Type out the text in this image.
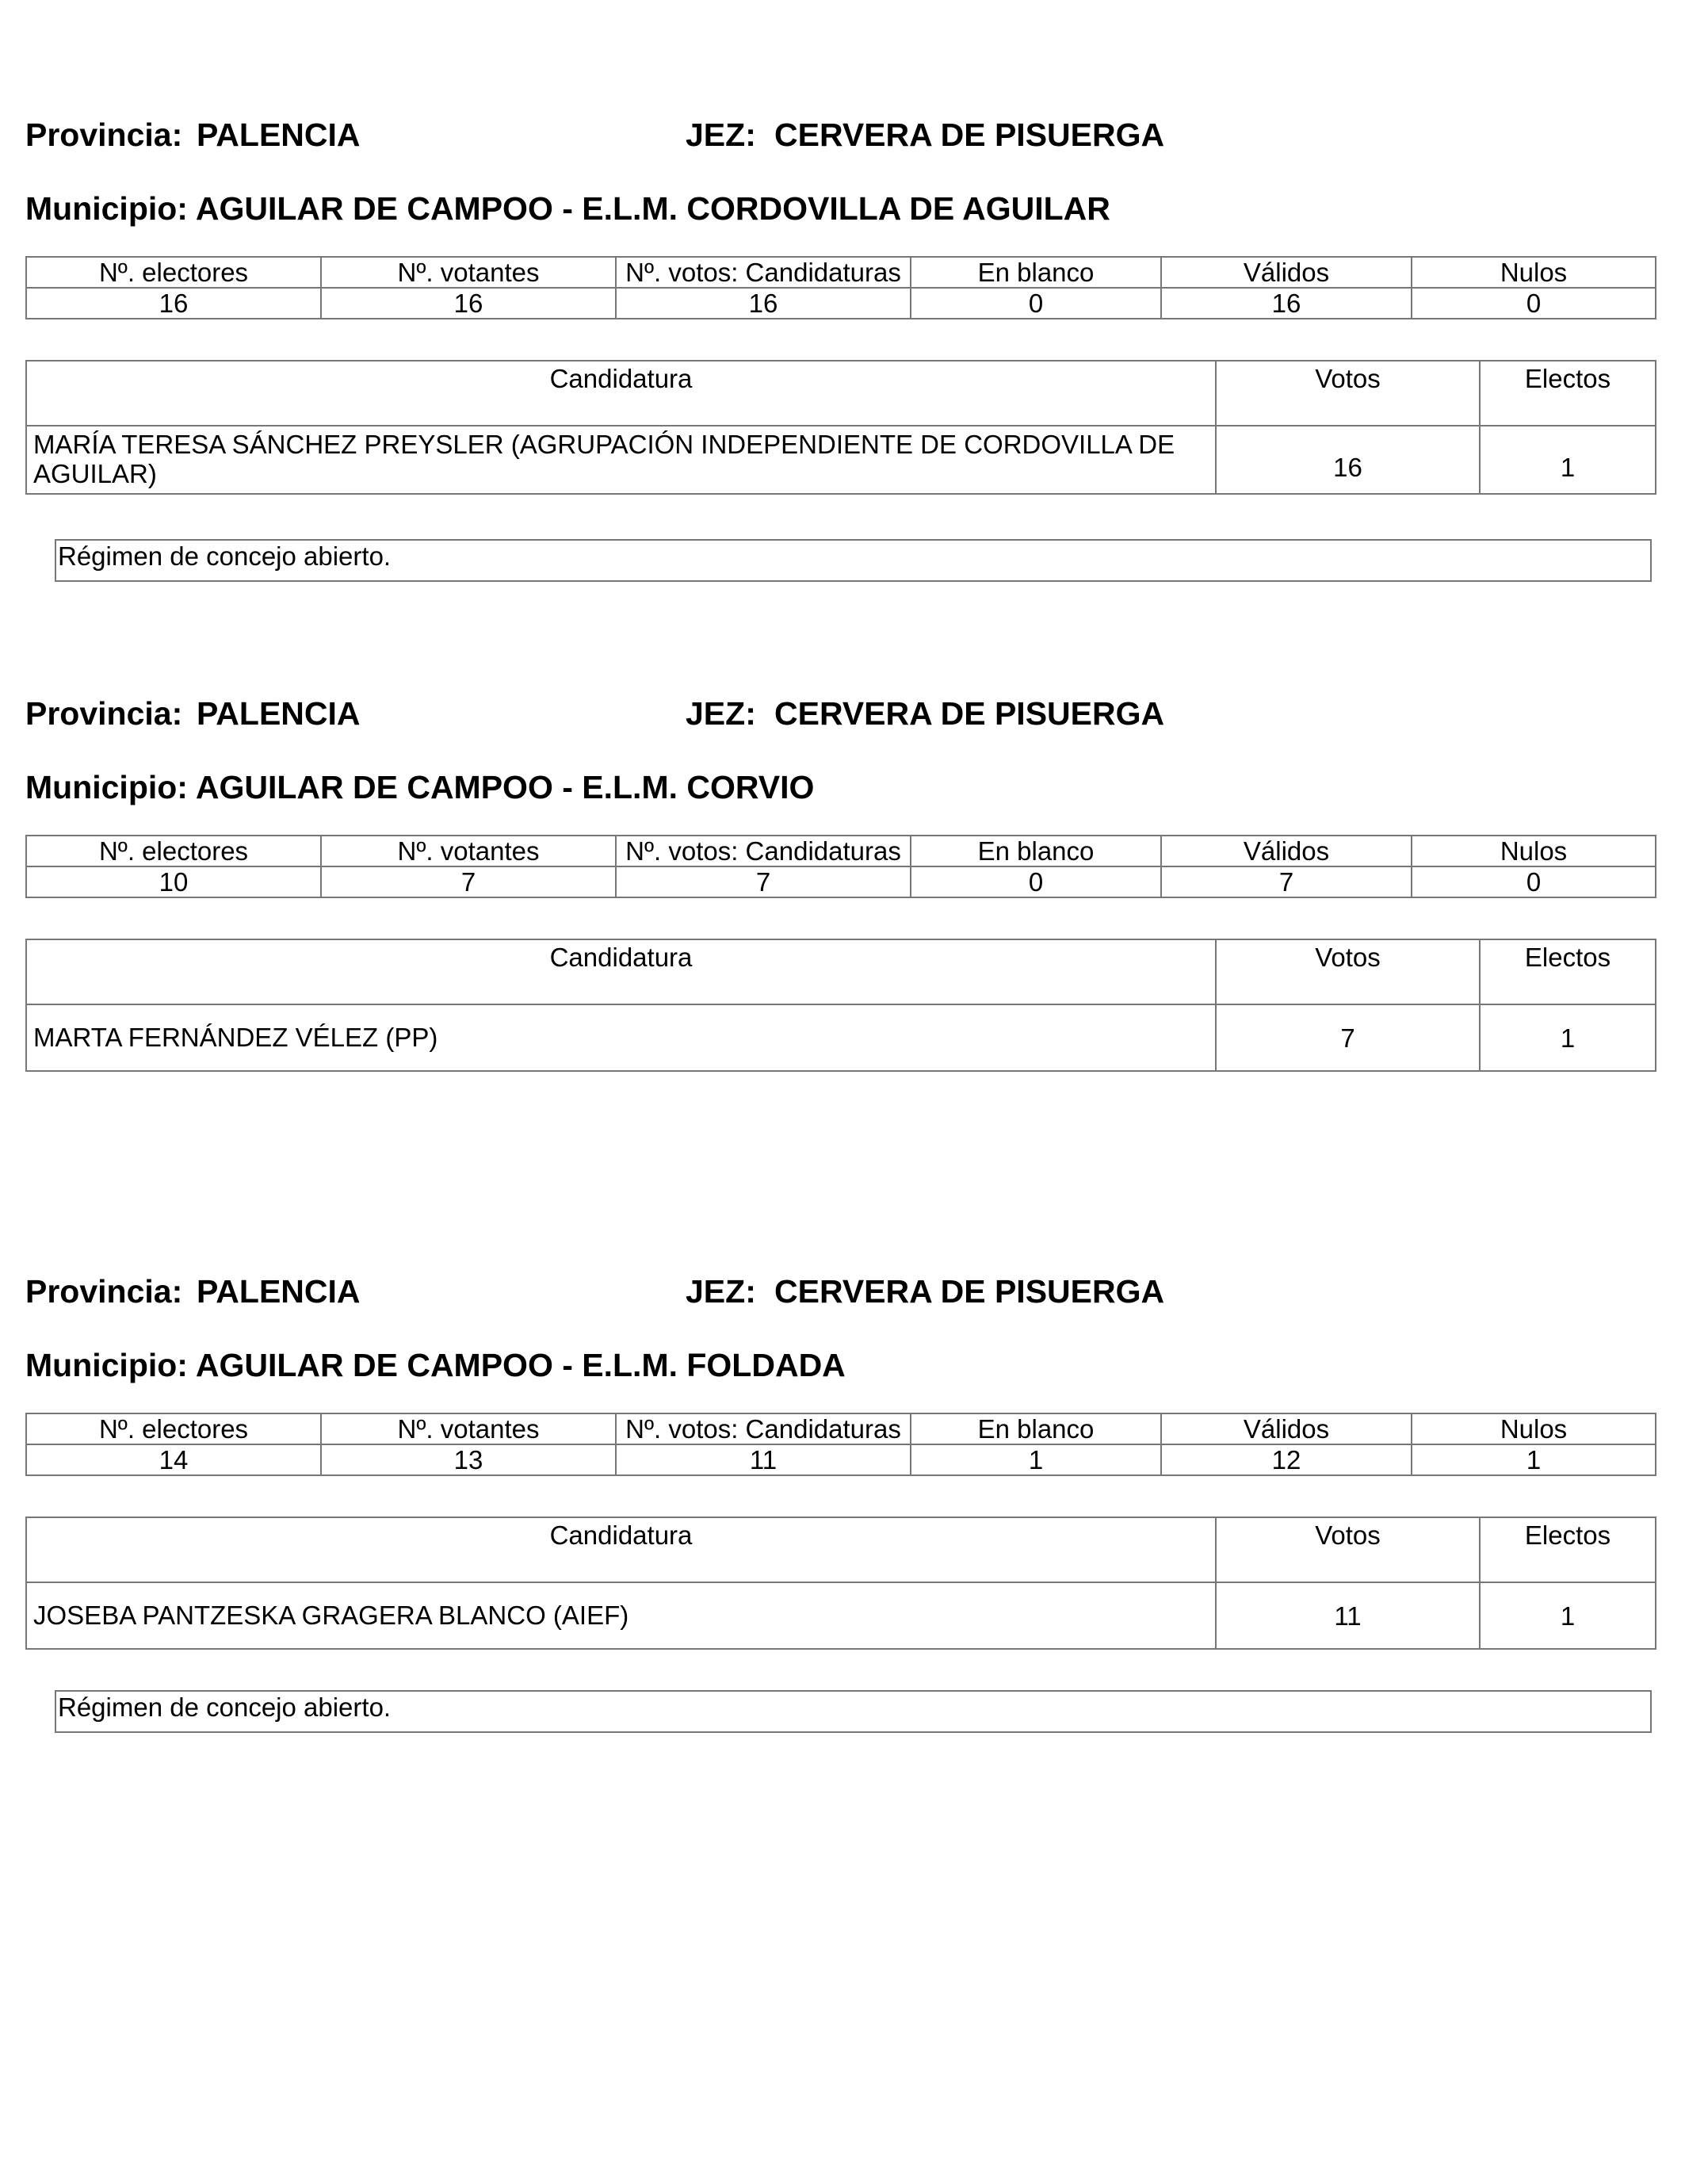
Provincia: PALENCIA	JEZ: CERVERA DE PISUERGA
Municipio: AGUILAR DE CAMPOO - E.L.M. CORDOVILLA DE AGUILAR
Nº. electores	Nº. votantes	Nº. votos: Candidaturas	En blanco	Válidos	Nulos
16	16	16	0	16	0
Candidatura	Votos	Electos
MARÍA TERESA SÁNCHEZ PREYSLER (AGRUPACIÓN INDEPENDIENTE DE CORDOVILLA DE
AGUILAR)	16	1
Régimen de concejo abierto.
Provincia: PALENCIA	JEZ: CERVERA DE PISUERGA
Municipio: AGUILAR DE CAMPOO - E.L.M. CORVIO
Nº. electores	Nº. votantes	Nº. votos: Candidaturas	En blanco	Válidos	Nulos
10	7	7	0	7	0
Candidatura	Votos	Electos
MARTA FERNÁNDEZ VÉLEZ (PP)	7	1
Provincia: PALENCIA	JEZ: CERVERA DE PISUERGA
Municipio: AGUILAR DE CAMPOO - E.L.M. FOLDADA
Nº. electores	Nº. votantes	Nº. votos: Candidaturas	En blanco	Válidos	Nulos
14	13	11	1	12	1
Candidatura	Votos	Electos
JOSEBA PANTZESKA GRAGERA BLANCO (AIEF)	11	1
Régimen de concejo abierto.
